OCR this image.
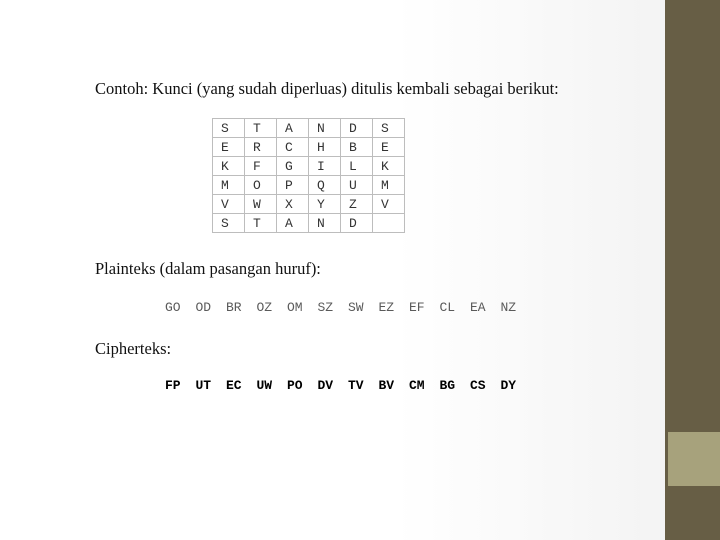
Contoh: Kunci (yang sudah diperluas) ditulis kembali sebagai berikut:
S	T	A	N	D	S
E	R	C	H	B	E
K	F	G	I	L	K
M	O	P	Q	U	M
V	W	X	Y	Z	V
S	T	A	N	D	
Plainteks (dalam pasangan huruf):
GO OD BR OZ OM SZ SW EZ EF CL EA NZ
Cipherteks:
FP UT EC UW PO DV TV BV CM BG CS DY
